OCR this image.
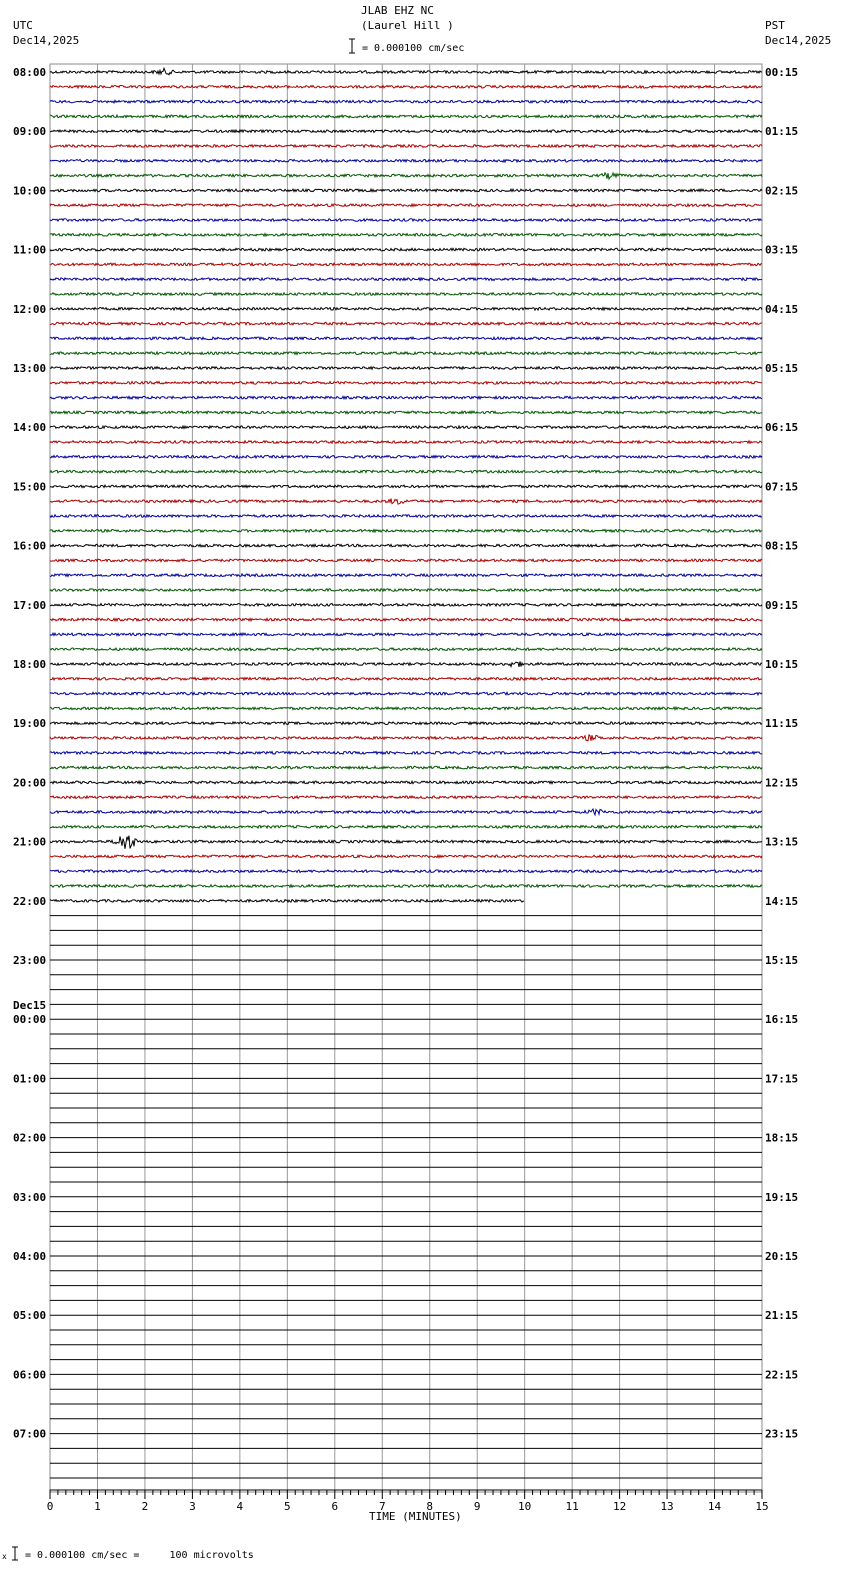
JLAB EHZ NC
(Laurel Hill )
UTC
Dec14,2025
PST
Dec14,2025
= 0.000100 cm/sec
= 0.000100 cm/sec =     100 microvolts
TIME (MINUTES)
x
08:00
09:00
10:00
11:00
12:00
13:00
14:00
15:00
16:00
17:00
18:00
19:00
20:00
21:00
22:00
23:00
00:00
Dec15
01:00
02:00
03:00
04:00
05:00
06:00
07:00
00:15
01:15
02:15
03:15
04:15
05:15
06:15
07:15
08:15
09:15
10:15
11:15
12:15
13:15
14:15
15:15
16:15
17:15
18:15
19:15
20:15
21:15
22:15
23:15
0	1	2	3	4	5	6	7	8	9	10	11	12	13	14	15
